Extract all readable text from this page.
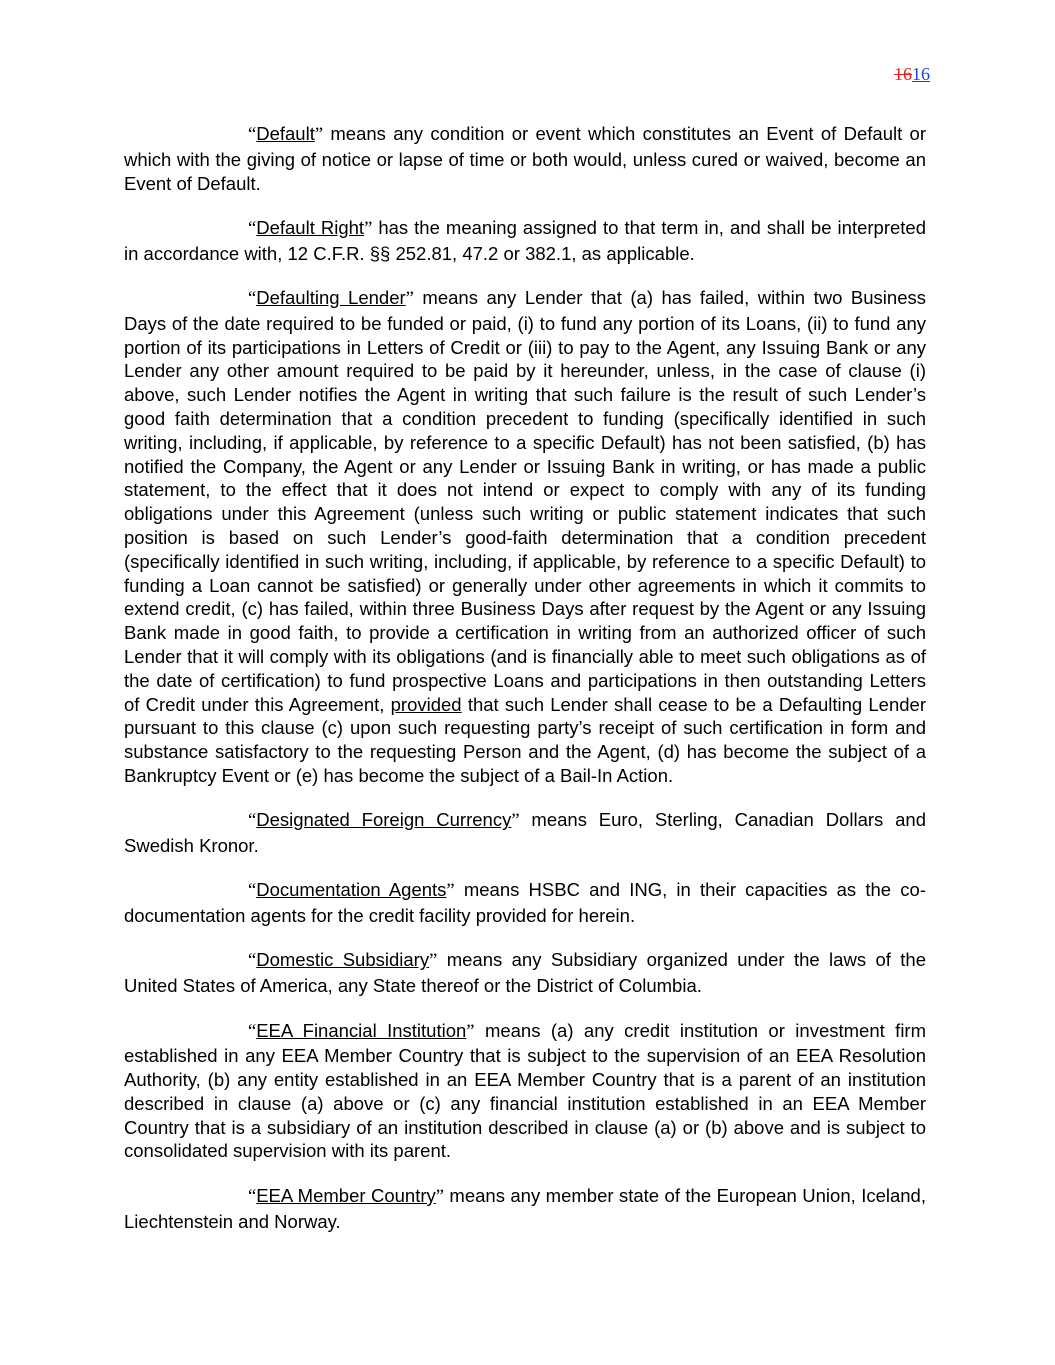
1616

“Default” means any condition or event which constitutes an Event of Default or which with the giving of notice or lapse of time or both would, unless cured or waived, become an Event of Default.

“Default Right” has the meaning assigned to that term in, and shall be interpreted in accordance with, 12 C.F.R. §§ 252.81, 47.2 or 382.1, as applicable.

“Defaulting Lender” means any Lender that (a) has failed, within two Business Days of the date required to be funded or paid, (i) to fund any portion of its Loans, (ii) to fund any portion of its participations in Letters of Credit or (iii) to pay to the Agent, any Issuing Bank or any Lender any other amount required to be paid by it hereunder, unless, in the case of clause (i) above, such Lender notifies the Agent in writing that such failure is the result of such Lender’s good faith determination that a condition precedent to funding (specifically identified in such writing, including, if applicable, by reference to a specific Default) has not been satisfied, (b) has notified the Company, the Agent or any Lender or Issuing Bank in writing, or has made a public statement, to the effect that it does not intend or expect to comply with any of its funding obligations under this Agreement (unless such writing or public statement indicates that such position is based on such Lender’s good-faith determination that a condition precedent (specifically identified in such writing, including, if applicable, by reference to a specific Default) to funding a Loan cannot be satisfied) or generally under other agreements in which it commits to extend credit, (c) has failed, within three Business Days after request by the Agent or any Issuing Bank made in good faith, to provide a certification in writing from an authorized officer of such Lender that it will comply with its obligations (and is financially able to meet such obligations as of the date of certification) to fund prospective Loans and participations in then outstanding Letters of Credit under this Agreement, provided that such Lender shall cease to be a Defaulting Lender pursuant to this clause (c) upon such requesting party’s receipt of such certification in form and substance satisfactory to the requesting Person and the Agent, (d) has become the subject of a Bankruptcy Event or (e) has become the subject of a Bail-In Action.

“Designated Foreign Currency” means Euro, Sterling, Canadian Dollars and Swedish Kronor.

“Documentation Agents” means HSBC and ING, in their capacities as the co-documentation agents for the credit facility provided for herein.

“Domestic Subsidiary” means any Subsidiary organized under the laws of the United States of America, any State thereof or the District of Columbia.

“EEA Financial Institution” means (a) any credit institution or investment firm established in any EEA Member Country that is subject to the supervision of an EEA Resolution Authority, (b) any entity established in an EEA Member Country that is a parent of an institution described in clause (a) above or (c) any financial institution established in an EEA Member Country that is a subsidiary of an institution described in clause (a) or (b) above and is subject to consolidated supervision with its parent.

“EEA Member Country” means any member state of the European Union, Iceland, Liechtenstein and Norway.
